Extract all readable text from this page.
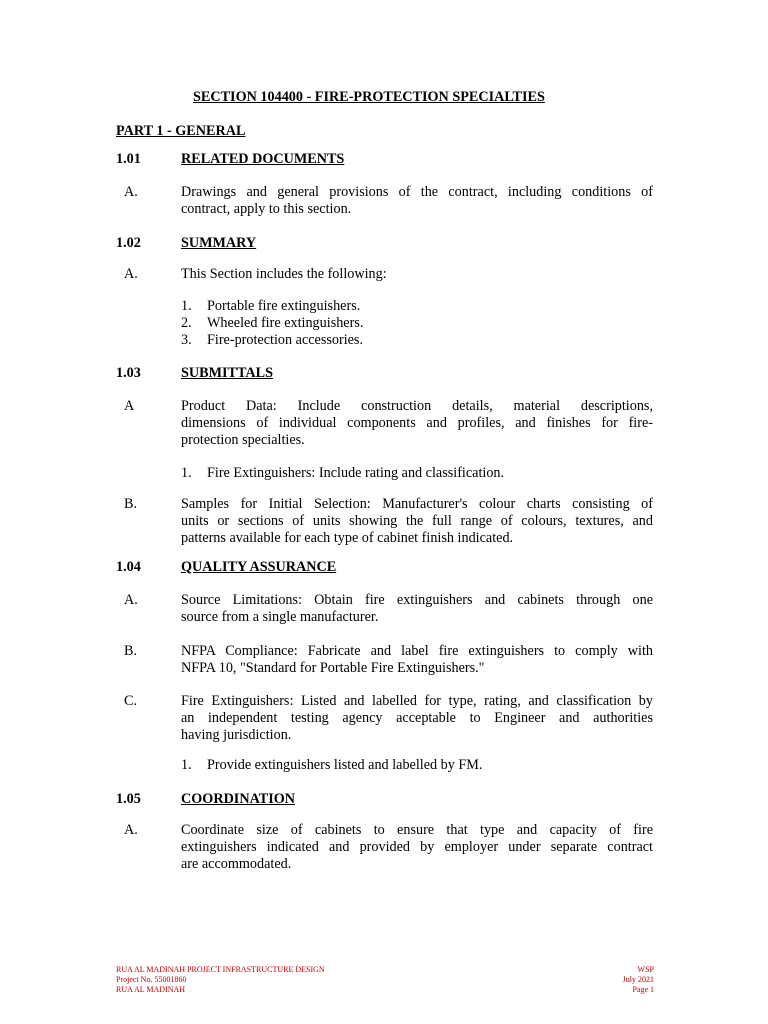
SECTION 104400 - FIRE-PROTECTION SPECIALTIES
PART 1 - GENERAL
1.01	RELATED DOCUMENTS
A.	Drawings and general provisions of the contract, including conditions of
contract, apply to this section.
1.02	SUMMARY
A.	This Section includes the following:
1. Portable fire extinguishers.
2. Wheeled fire extinguishers.
3. Fire-protection accessories.
1.03	SUBMITTALS
A	Product Data: Include construction details, material descriptions,
dimensions of individual components and profiles, and finishes for fire-
protection specialties.
1. Fire Extinguishers: Include rating and classification.
B.	Samples for Initial Selection: Manufacturer's colour charts consisting of
units or sections of units showing the full range of colours, textures, and
patterns available for each type of cabinet finish indicated.
1.04	QUALITY ASSURANCE
A.	Source Limitations: Obtain fire extinguishers and cabinets through one
source from a single manufacturer.
B.	NFPA Compliance: Fabricate and label fire extinguishers to comply with
NFPA 10, "Standard for Portable Fire Extinguishers."
C.	Fire Extinguishers: Listed and labelled for type, rating, and classification by
an independent testing agency acceptable to Engineer and authorities
having jurisdiction.
1. Provide extinguishers listed and labelled by FM.
1.05	COORDINATION
A.	Coordinate size of cabinets to ensure that type and capacity of fire
extinguishers indicated and provided by employer under separate contract
are accommodated.
RUA AL MADINAH PROJECT INFRASTRUCTURE DESIGN
Project No. 55001860
RUA AL MADINAH
WSP
July 2021
Page 1
